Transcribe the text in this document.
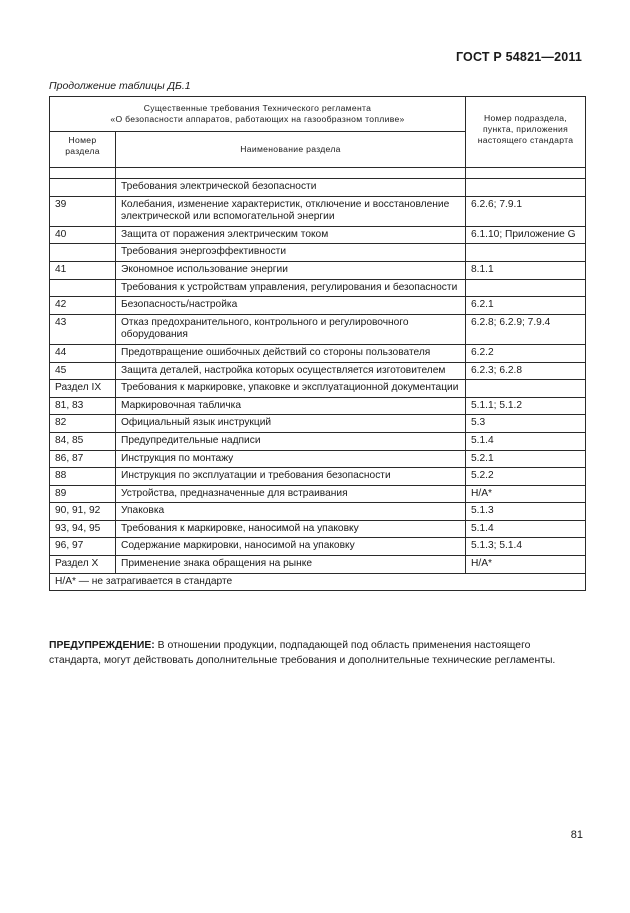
ГОСТ Р 54821—2011
Продолжение таблицы ДБ.1
Существенные требования Технического регламента
«О безопасности аппаратов, работающих на газообразном топливе»		Номер подраздела, пункта, приложения настоящего стандарта
Номер раздела	Наименование раздела	

	Требования электрической безопасности	
39	Колебания, изменение характеристик, отключение и восстановление электрической или вспомогательной энергии	6.2.6; 7.9.1
40	Защита от поражения электрическим током	6.1.10; Приложение G
	Требования энергоэффективности	
41	Экономное использование энергии	8.1.1
	Требования к устройствам управления, регулирования и безопасности	
42	Безопасность/настройка	6.2.1
43	Отказ предохранительного, контрольного и регулировочного оборудования	6.2.8; 6.2.9; 7.9.4
44	Предотвращение ошибочных действий со стороны пользователя	6.2.2
45	Защита деталей, настройка которых осуществляется изготовителем	6.2.3; 6.2.8
Раздел IX	Требования к маркировке, упаковке и эксплуатационной документации	
81, 83	Маркировочная табличка	5.1.1; 5.1.2
82	Официальный язык инструкций	5.3
84, 85	Предупредительные надписи	5.1.4
86, 87	Инструкция по монтажу	5.2.1
88	Инструкция по эксплуатации и требования безопасности	5.2.2
89	Устройства, предназначенные для встраивания	Н/А*
90, 91, 92	Упаковка	5.1.3
93, 94, 95	Требования к маркировке, наносимой на упаковку	5.1.4
96, 97	Содержание маркировки, наносимой на упаковку	5.1.3; 5.1.4
Раздел X	Применение знака обращения на рынке	Н/А*
Н/А* — не затрагивается в стандарте		
ПРЕДУПРЕЖДЕНИЕ: В отношении продукции, подпадающей под область применения настоящего стандарта, могут действовать дополнительные требования и дополнительные технические регламенты.
81
